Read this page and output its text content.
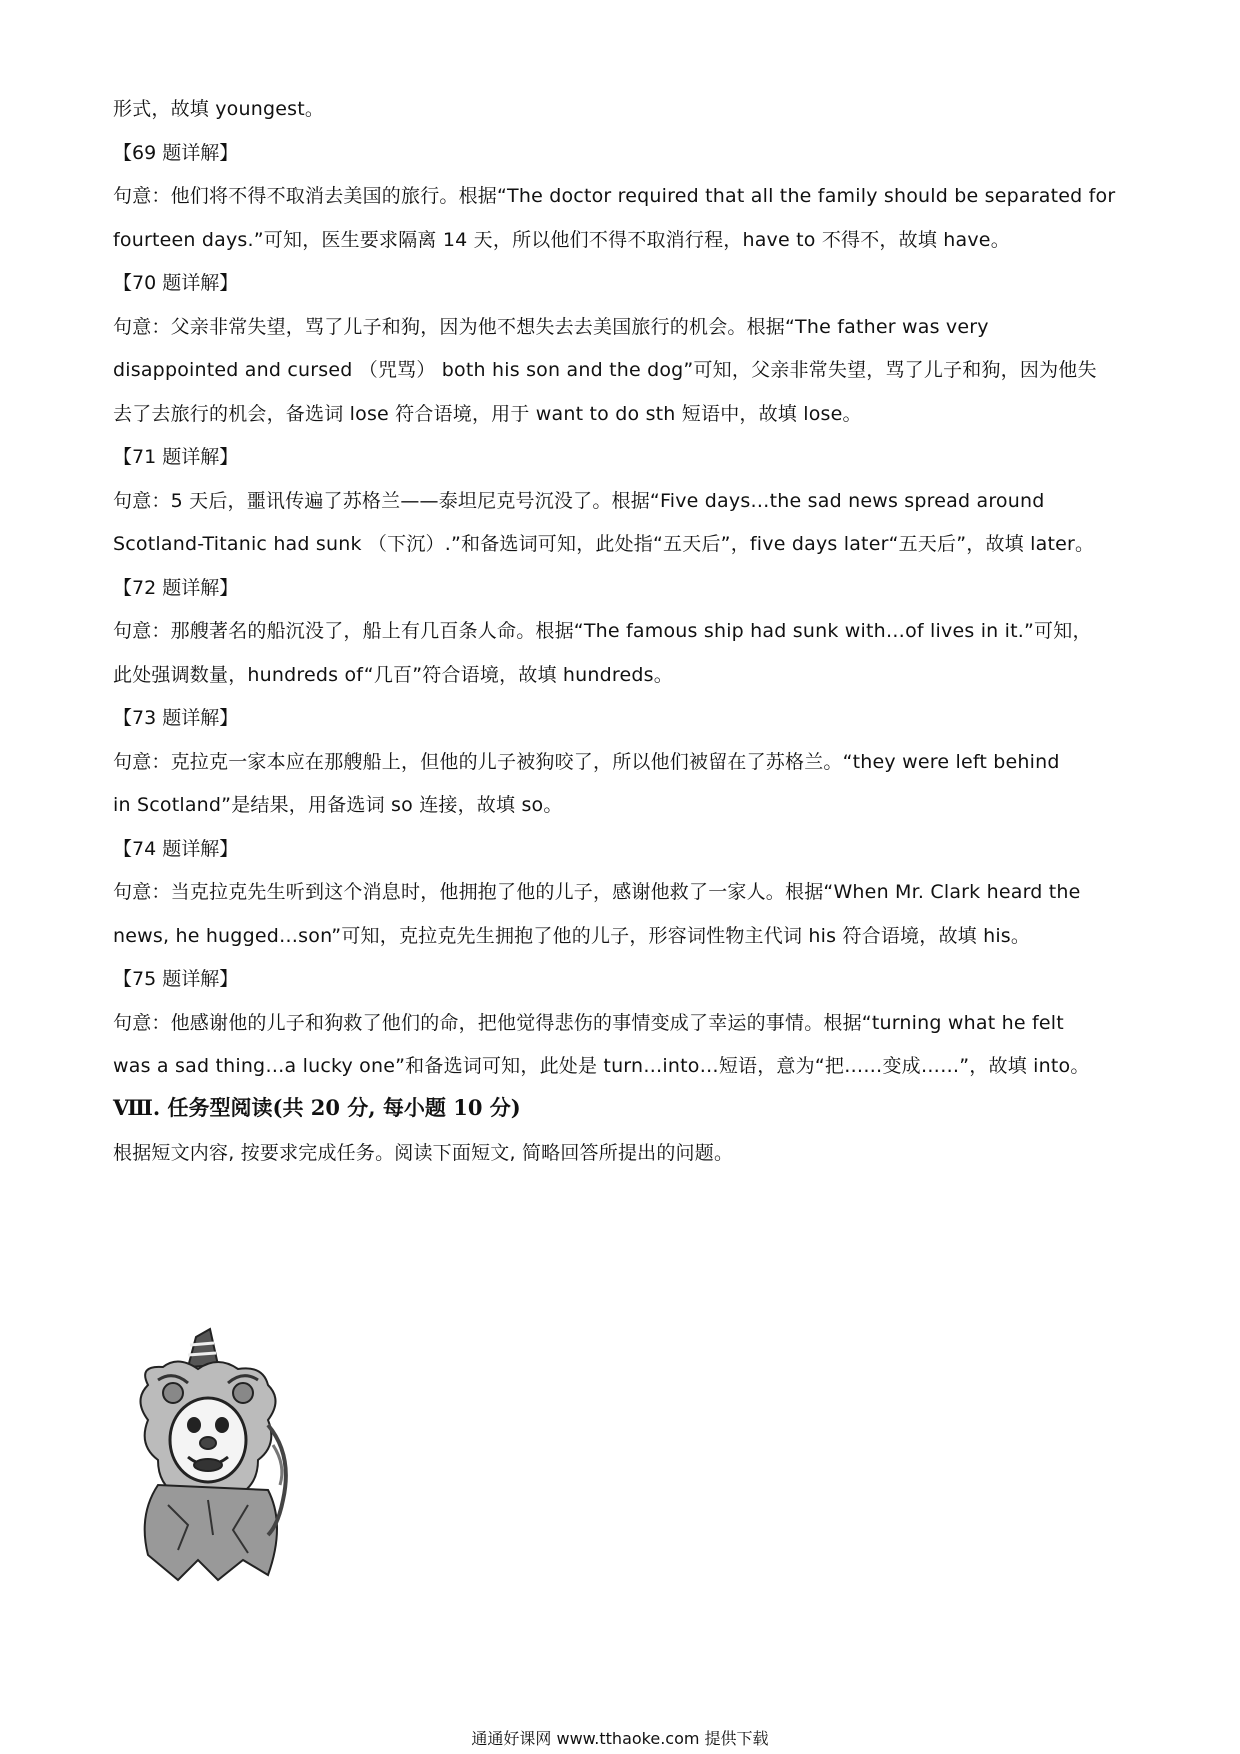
形式，故填 youngest。
【69 题详解】
句意：他们将不得不取消去美国的旅行。根据“The doctor required that all the family should be separated for
fourteen days.”可知，医生要求隔离 14 天，所以他们不得不取消行程，have to 不得不，故填 have。
【70 题详解】
句意：父亲非常失望，骂了儿子和狗，因为他不想失去去美国旅行的机会。根据“The father was very
disappointed and cursed （咒骂） both his son and the dog”可知，父亲非常失望，骂了儿子和狗，因为他失
去了去旅行的机会，备选词 lose 符合语境，用于 want to do sth 短语中，故填 lose。
【71 题详解】
句意：5 天后，噩讯传遍了苏格兰——泰坦尼克号沉没了。根据“Five days…the sad news spread around
Scotland-Titanic had sunk （下沉）.”和备选词可知，此处指“五天后”，five days later“五天后”，故填 later。
【72 题详解】
句意：那艘著名的船沉没了，船上有几百条人命。根据“The famous ship had sunk with…of lives in it.”可知，
此处强调数量，hundreds of“几百”符合语境，故填 hundreds。
【73 题详解】
句意：克拉克一家本应在那艘船上，但他的儿子被狗咬了，所以他们被留在了苏格兰。“they were left behind
in Scotland”是结果，用备选词 so 连接，故填 so。
【74 题详解】
句意：当克拉克先生听到这个消息时，他拥抱了他的儿子，感谢他救了一家人。根据“When Mr. Clark heard the
news, he hugged…son”可知，克拉克先生拥抱了他的儿子，形容词性物主代词 his 符合语境，故填 his。
【75 题详解】
句意：他感谢他的儿子和狗救了他们的命，把他觉得悲伤的事情变成了幸运的事情。根据“turning what he felt
was a sad thing…a lucky one”和备选词可知，此处是 turn…into…短语，意为“把……变成……”，故填 into。
Ⅷ. 任务型阅读(共 20 分, 每小题 10 分)
根据短文内容, 按要求完成任务。阅读下面短文, 简略回答所提出的问题。
通通好课网 www.tthaoke.com 提供下载
